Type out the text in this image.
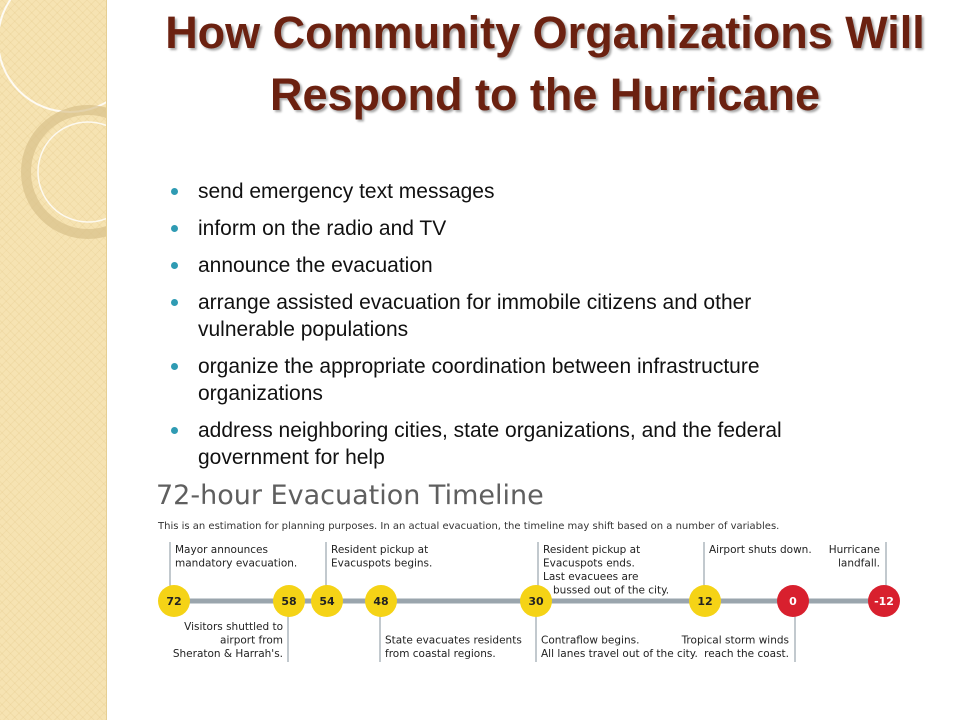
How Community Organizations Will Respond to the Hurricane
send emergency text messages
inform on the radio and TV
announce the evacuation
arrange assisted evacuation for immobile citizens and other vulnerable populations
organize the appropriate coordination between infrastructure organizations
address neighboring cities, state organizations, and the federal government for help
72-hour Evacuation Timeline

This is an estimation for planning purposes. In an actual evacuation, the timeline may shift based on a number of variables.

Mayor announces mandatory evacuation.
Resident pickup at Evacuspots begins.
Resident pickup at Evacuspots ends. Last evacuees are bussed out of the city.
Airport shuts down. Hurricane landfall.
Visitors shuttled to airport from Sheraton & Harrah's.
State evacuates residents from coastal regions.
Contraflow begins. All lanes travel out of the city.
Tropical storm winds reach the coast.
72	58 54	48	30	12	0	-12
